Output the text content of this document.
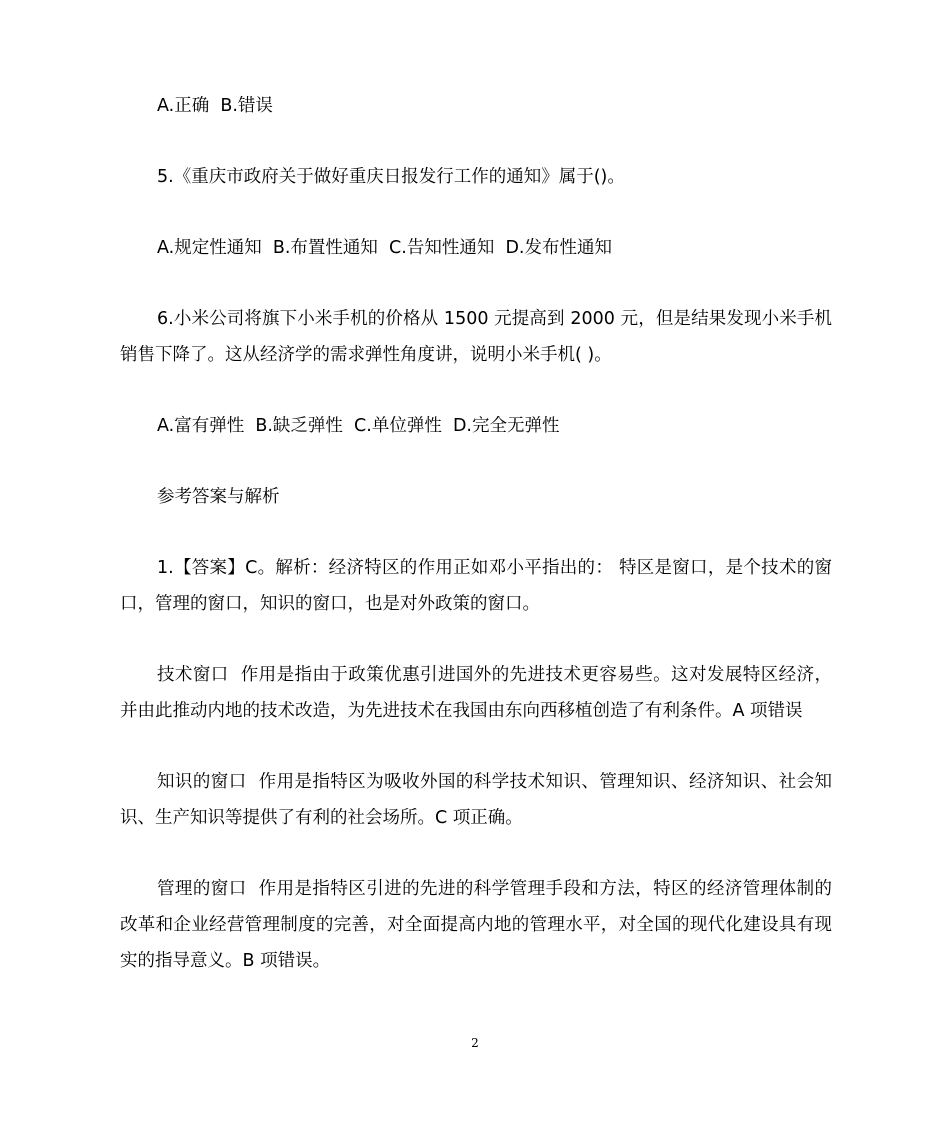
A.正确  B.错误

5.《重庆市政府关于做好重庆日报发行工作的通知》属于()。

A.规定性通知  B.布置性通知  C.告知性通知  D.发布性通知

6.小米公司将旗下小米手机的价格从 1500 元提高到 2000 元，但是结果发现小米手机销售下降了。这从经济学的需求弹性角度讲，说明小米手机( )。

A.富有弹性  B.缺乏弹性  C.单位弹性  D.完全无弹性

参考答案与解析

1.【答案】C。解析：经济特区的作用正如邓小平指出的： 特区是窗口，是个技术的窗口，管理的窗口，知识的窗口，也是对外政策的窗口。

技术窗口  作用是指由于政策优惠引进国外的先进技术更容易些。这对发展特区经济，并由此推动内地的技术改造，为先进技术在我国由东向西移植创造了有利条件。A 项错误

知识的窗口  作用是指特区为吸收外国的科学技术知识、管理知识、经济知识、社会知识、生产知识等提供了有利的社会场所。C 项正确。

管理的窗口  作用是指特区引进的先进的科学管理手段和方法，特区的经济管理体制的改革和企业经营管理制度的完善，对全面提高内地的管理水平，对全国的现代化建设具有现实的指导意义。B 项错误。

2
